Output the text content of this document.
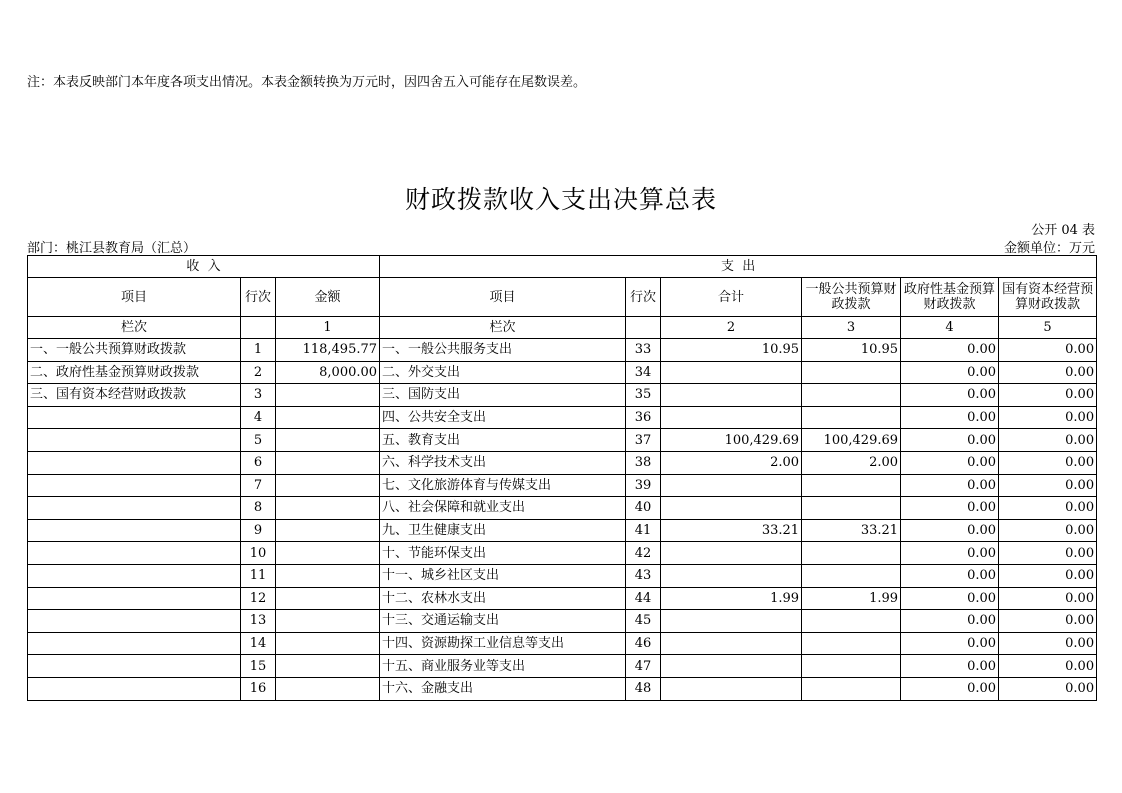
注：本表反映部门本年度各项支出情况。本表金额转换为万元时，因四舍五入可能存在尾数误差。
财政拨款收入支出决算总表
公开 04 表
部门：桃江县教育局（汇总）	金额单位：万元
收  入			支  出					
项目	行次	金额	项目	行次	合计	一般公共预算财政拨款	政府性基金预算财政拨款	国有资本经营预算财政拨款
栏次		1	栏次		2	3	4	5
一、一般公共预算财政拨款	1	118,495.77	一、一般公共服务支出	33	10.95	10.95	0.00	0.00
二、政府性基金预算财政拨款	2	8,000.00	二、外交支出	34			0.00	0.00
三、国有资本经营财政拨款	3		三、国防支出	35			0.00	0.00
	4		四、公共安全支出	36			0.00	0.00
	5		五、教育支出	37	100,429.69	100,429.69	0.00	0.00
	6		六、科学技术支出	38	2.00	2.00	0.00	0.00
	7		七、文化旅游体育与传媒支出	39			0.00	0.00
	8		八、社会保障和就业支出	40			0.00	0.00
	9		九、卫生健康支出	41	33.21	33.21	0.00	0.00
	10		十、节能环保支出	42			0.00	0.00
	11		十一、城乡社区支出	43			0.00	0.00
	12		十二、农林水支出	44	1.99	1.99	0.00	0.00
	13		十三、交通运输支出	45			0.00	0.00
	14		十四、资源勘探工业信息等支出	46			0.00	0.00
	15		十五、商业服务业等支出	47			0.00	0.00
	16		十六、金融支出	48			0.00	0.00
